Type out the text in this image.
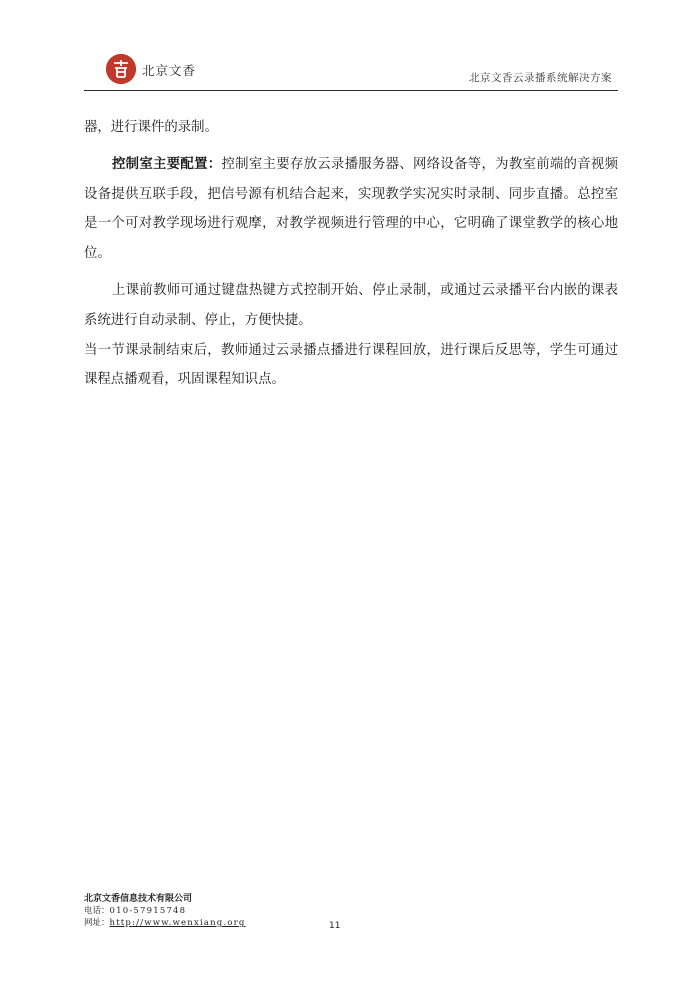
北京文香	北京文香云录播系统解决方案

器，进行课件的录制。

控制室主要配置：控制室主要存放云录播服务器、网络设备等，为教室前端的音视频设备提供互联手段，把信号源有机结合起来，实现教学实况实时录制、同步直播。总控室是一个可对教学现场进行观摩，对教学视频进行管理的中心，它明确了课堂教学的核心地位。

上课前教师可通过键盘热键方式控制开始、停止录制，或通过云录播平台内嵌的课表系统进行自动录制、停止，方便快捷。

当一节课录制结束后，教师通过云录播点播进行课程回放，进行课后反思等，学生可通过课程点播观看，巩固课程知识点。

北京文香信息技术有限公司
电话：010-57915748
网址：http://www.wenxiang.org	11
